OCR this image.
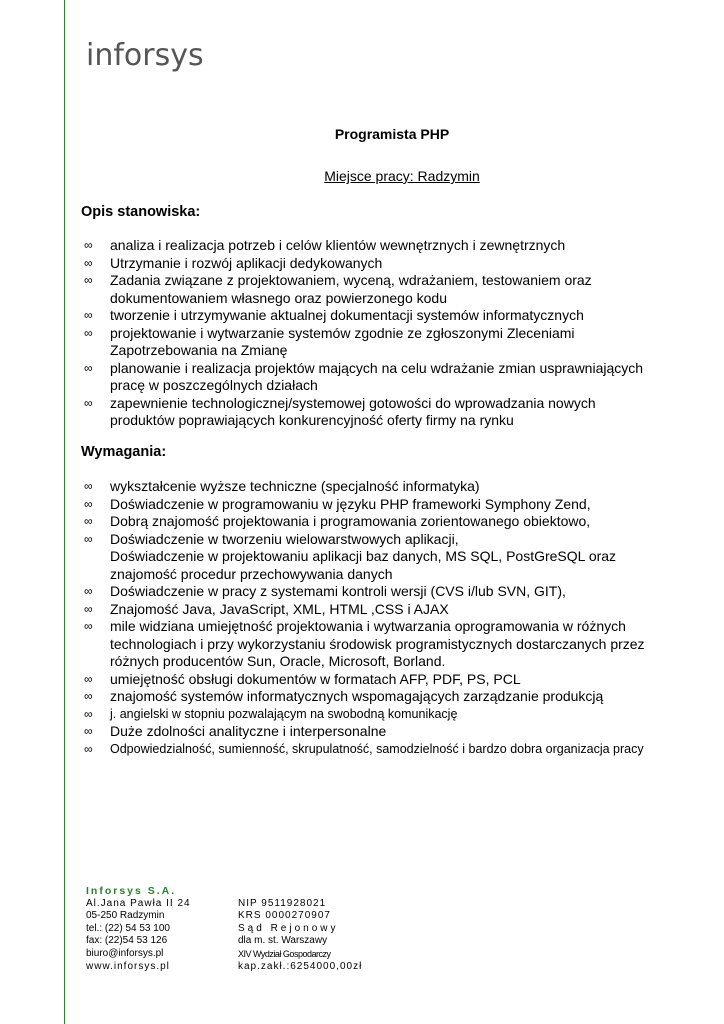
inforsys
Programista PHP
Miejsce pracy: Radzymin
Opis stanowiska:
∞ analiza i realizacja potrzeb i celów klientów wewnętrznych i zewnętrznych
∞ Utrzymanie i rozwój aplikacji dedykowanych
∞ Zadania związane z projektowaniem, wyceną, wdrażaniem, testowaniem oraz dokumentowaniem własnego oraz powierzonego kodu
∞ tworzenie i utrzymywanie aktualnej dokumentacji systemów informatycznych
∞ projektowanie i wytwarzanie systemów zgodnie ze zgłoszonymi Zleceniami Zapotrzebowania na Zmianę
∞ planowanie i realizacja projektów mających na celu wdrażanie zmian usprawniających pracę w poszczególnych działach
∞ zapewnienie technologicznej/systemowej gotowości do wprowadzania nowych produktów poprawiających konkurencyjność oferty firmy na rynku
Wymagania:
∞ wykształcenie wyższe techniczne (specjalność informatyka)
∞ Doświadczenie w programowaniu w języku PHP frameworki Symphony Zend,
∞ Dobrą znajomość projektowania i programowania zorientowanego obiektowo,
∞ Doświadczenie w tworzeniu wielowarstwowych aplikacji,
Doświadczenie w projektowaniu aplikacji baz danych, MS SQL, PostGreSQL oraz znajomość procedur przechowywania danych
∞ Doświadczenie w pracy z systemami kontroli wersji (CVS i/lub SVN, GIT),
∞ Znajomość Java, JavaScript, XML, HTML ,CSS i AJAX
∞ mile widziana umiejętność projektowania i wytwarzania oprogramowania w różnych technologiach i przy wykorzystaniu środowisk programistycznych dostarczanych przez różnych producentów Sun, Oracle, Microsoft, Borland.
∞ umiejętność obsługi dokumentów w formatach AFP, PDF, PS, PCL
∞ znajomość systemów informatycznych wspomagających zarządzanie produkcją
∞ j. angielski w stopniu pozwalającym na swobodną komunikację
∞ Duże zdolności analityczne i interpersonalne
∞ Odpowiedzialność, sumienność, skrupulatność, samodzielność i bardzo dobra organizacja pracy
Inforsys S.A.
Al.Jana Pawła II 24	NIP 9511928021
05-250 Radzymin	KRS 0000270907
tel.: (22) 54 53 100	Sąd Rejonowy
fax: (22)54 53 126	dla m. st. Warszawy
biuro@inforsys.pl	XIV Wydział Gospodarczy
www.inforsys.pl	kap.zakł.:6254000,00zł
